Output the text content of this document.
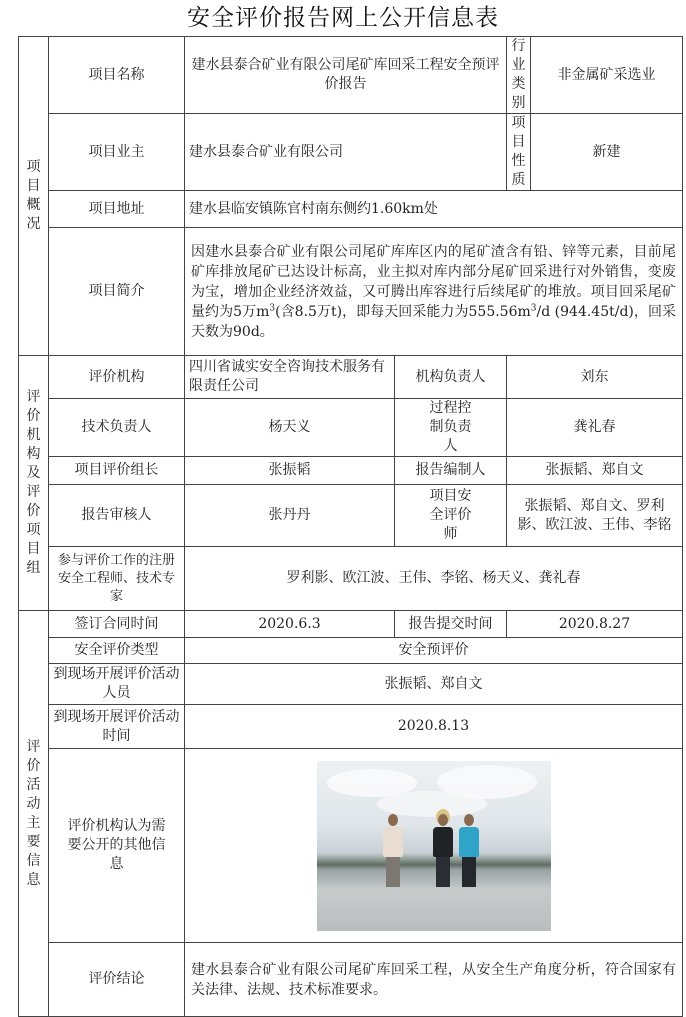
安全评价报告网上公开信息表
项目概况	项目名称	建水县泰合矿业有限公司尾矿库回采工程安全预评价报告		行业类别	非金属矿采选业
	项目业主	建水县泰合矿业有限公司		项目性质	新建
	项目地址	建水县临安镇陈官村南东侧约1.60km处			
	项目简介	因建水县泰合矿业有限公司尾矿库库区内的尾矿渣含有铅、锌等元素，目前尾矿库排放尾矿已达设计标高，业主拟对库内部分尾矿回采进行对外销售，变废为宝，增加企业经济效益，又可腾出库容进行后续尾矿的堆放。项目回采尾矿量约为5万$m^3$(含8.5万t)，即每天回采能力为$555.56m^3/d$ (944.45t/d)，回采天数为90d。			
评价机构及评价项目组	评价机构	四川省诚实安全咨询技术服务有限责任公司	机构负责人	刘东	
	技术负责人	杨天义	过程控制负责人	龚礼春	
	项目评价组长	张振韬	报告编制人	张振韬、郑自文	
	报告审核人	张丹丹	项目安全评价师	张振韬、郑自文、罗利影、欧江波、王伟、李铭	
	参与评价工作的注册安全工程师、技术专家	罗利影、欧江波、王伟、李铭、杨天义、龚礼春			
评价活动主要信息	签订合同时间	2020.6.3	报告提交时间	2020.8.27	
	安全评价类型	安全预评价			
	到现场开展评价活动人员	张振韬、郑自文			
	到现场开展评价活动时间	2020.8.13			
	评价机构认为需要公开的其他信息				

	评价结论	建水县泰合矿业有限公司尾矿库回采工程，从安全生产角度分析，符合国家有关法律、法规、技术标准要求。			
